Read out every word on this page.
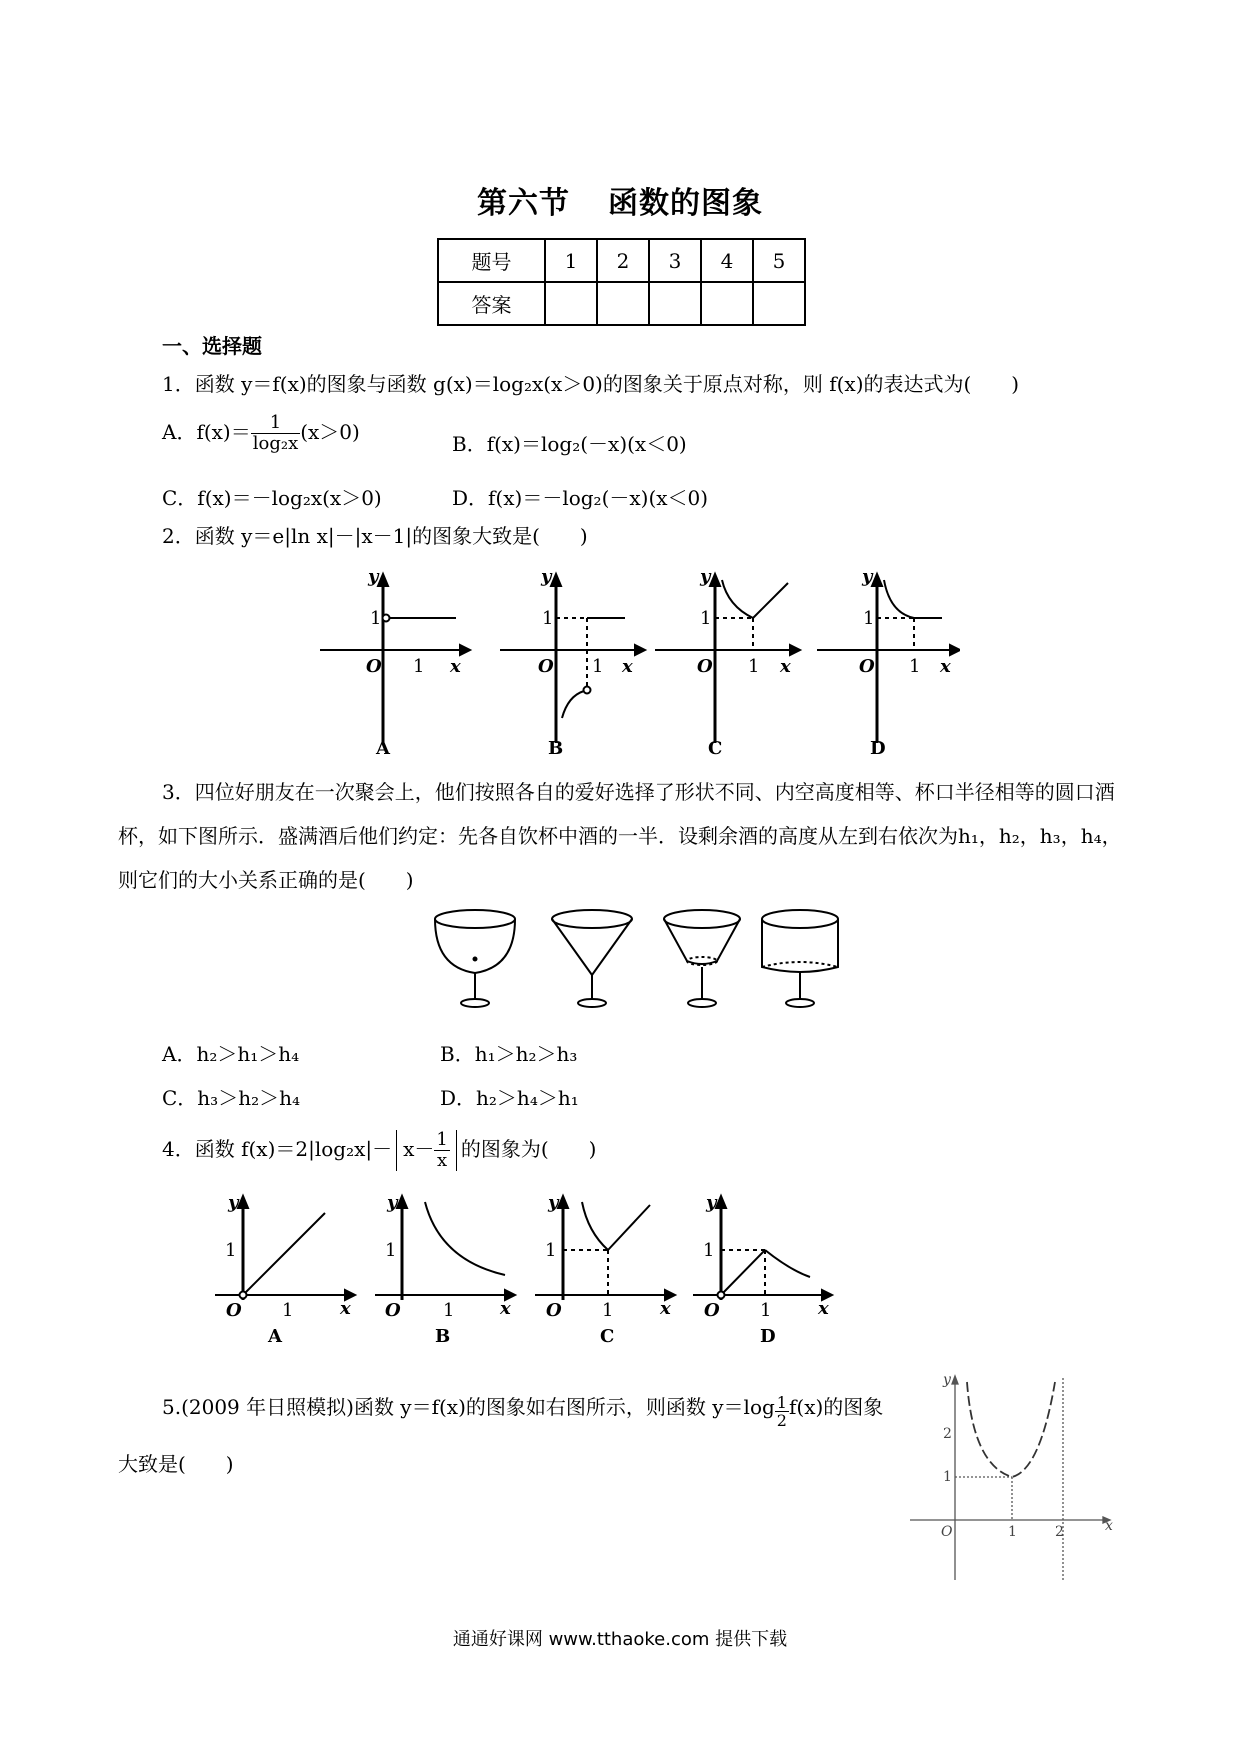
第六节 函数的图象
题号	1	2	3	4	5
答案					
一、选择题
1．函数 y＝f(x)的图象与函数 g(x)＝log₂x(x＞0)的图象关于原点对称，则 f(x)的表达式为(　　)
A．$f(x)= \frac{1}{\text{log₂x}} (x>0)$	B．f(x)＝log₂(－x)(x＜0)
C．f(x)＝－log₂x(x＞0)	D．f(x)＝－log₂(－x)(x＜0)
2．函数 y＝e|ln x|－|x－1|的图象大致是(　　)
y
1
O 1 x
y
1
O 1 x
y
1
O 1 x
y
1
O 1 x
A	B	C	D
3．四位好朋友在一次聚会上，他们按照各自的爱好选择了形状不同、内空高度相等、杯口半径相等的圆口酒杯，如下图所示．盛满酒后他们约定：先各自饮杯中酒的一半．设剩余酒的高度从左到右依次为h₁，h₂，h₃，h₄，则它们的大小关系正确的是(　　)
A．h₂＞h₁＞h₄	B．h₁＞h₂＞h₃
C．h₃＞h₂＞h₄	D．h₂＞h₄＞h₁
4．函数 $f(x)=2|\log_2x|- x- \frac{1}{x}$ 的图象为(　　)
y
1
O 1	x
A
y
1
O 1	x
B
y
1
O 1	x
C
y
1
O 1	x
D
5.(2009 年日照模拟)函数 y＝f(x)的图象如右图所示，则函数 $y=\log \frac{1}{2} f(x)$的图象
大致是(　　)
y
x
O
2
1
1	2
通通好课网 www.tthaoke.com 提供下载
